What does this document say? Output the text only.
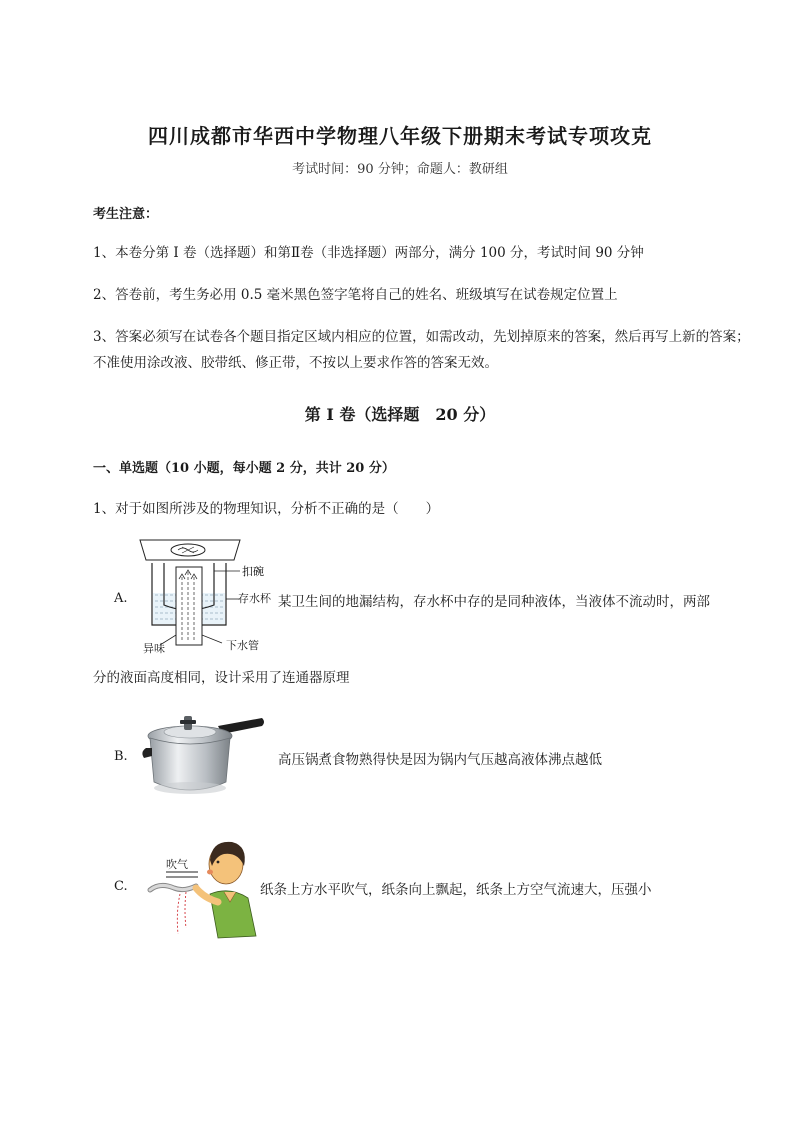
四川成都市华西中学物理八年级下册期末考试专项攻克
考试时间：90 分钟；命题人：教研组
考生注意：
1、本卷分第 I 卷（选择题）和第Ⅱ卷（非选择题）两部分，满分 100 分，考试时间 90 分钟
2、答卷前，考生务必用 0.5 毫米黑色签字笔将自己的姓名、班级填写在试卷规定位置上
3、答案必须写在试卷各个题目指定区域内相应的位置，如需改动，先划掉原来的答案，然后再写上新的答案；不准使用涂改液、胶带纸、修正带，不按以上要求作答的答案无效。
第 I 卷（选择题　20 分）
一、单选题（10 小题，每小题 2 分，共计 20 分）
1、对于如图所涉及的物理知识，分析不正确的是（　　）
A.
扣碗
存水杯
异味	下水管
某卫生间的地漏结构，存水杯中存的是同种液体，当液体不流动时，两部
分的液面高度相同，设计采用了连通器原理
B.	高压锅煮食物熟得快是因为锅内气压越高液体沸点越低
C.
吹气
纸条上方水平吹气，纸条向上飘起，纸条上方空气流速大，压强小
